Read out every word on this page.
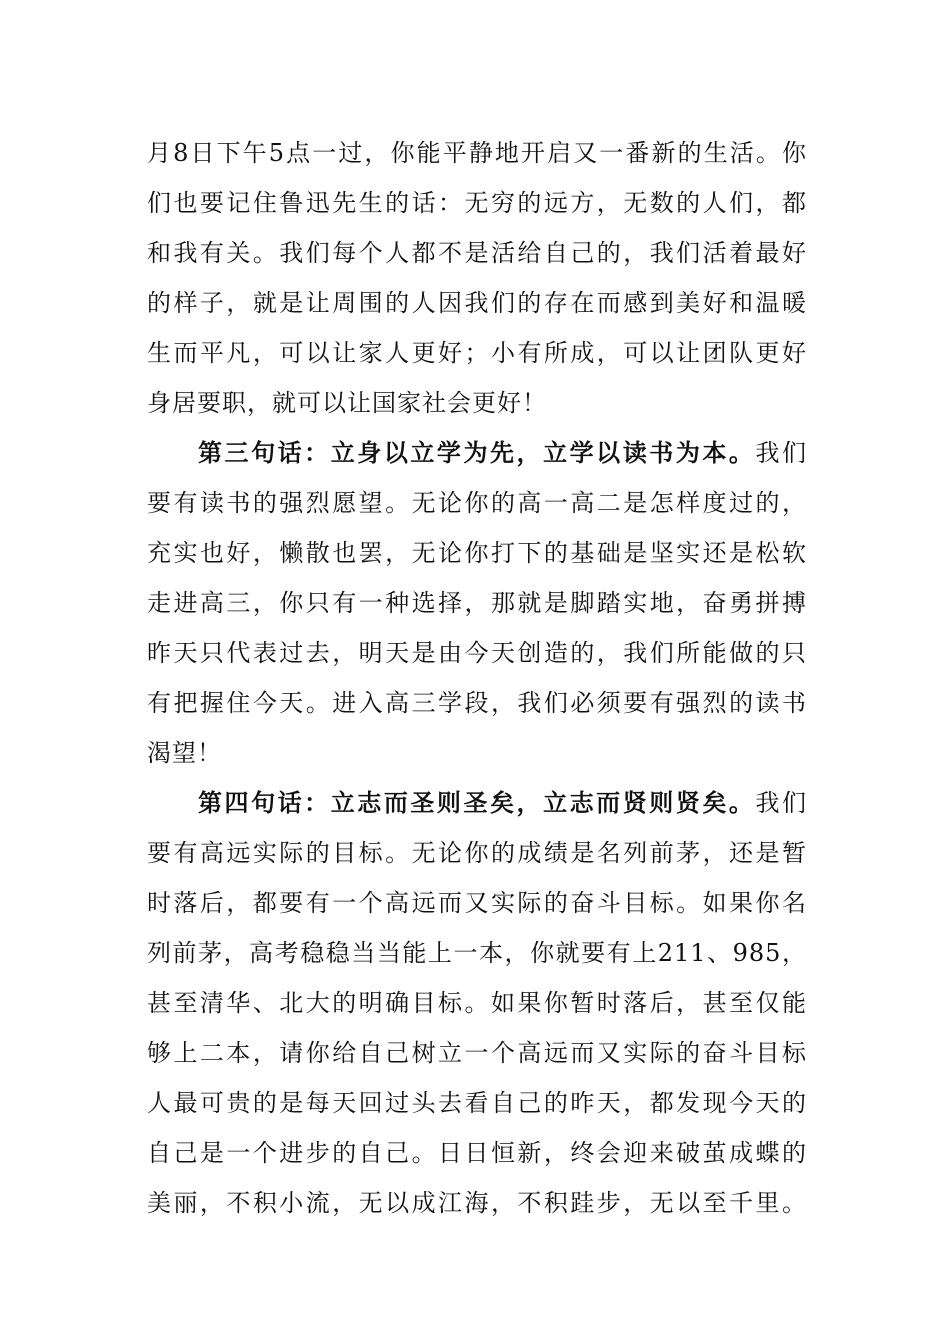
月8日下午5点一过，你能平静地开启又一番新的生活。你
们也要记住鲁迅先生的话：无穷的远方，无数的人们，都
和我有关。我们每个人都不是活给自己的，我们活着最好
的样子，就是让周围的人因我们的存在而感到美好和温暖
生而平凡，可以让家人更好；小有所成，可以让团队更好
身居要职，就可以让国家社会更好！
第三句话：立身以立学为先，立学以读书为本。我们
要有读书的强烈愿望。无论你的高一高二是怎样度过的，
充实也好，懒散也罢，无论你打下的基础是坚实还是松软
走进高三，你只有一种选择，那就是脚踏实地，奋勇拼搏
昨天只代表过去，明天是由今天创造的，我们所能做的只
有把握住今天。进入高三学段，我们必须要有强烈的读书
渴望！
第四句话：立志而圣则圣矣，立志而贤则贤矣。我们
要有高远实际的目标。无论你的成绩是名列前茅，还是暂
时落后，都要有一个高远而又实际的奋斗目标。如果你名
列前茅，高考稳稳当当能上一本，你就要有上211、985，
甚至清华、北大的明确目标。如果你暂时落后，甚至仅能
够上二本，请你给自己树立一个高远而又实际的奋斗目标
人最可贵的是每天回过头去看自己的昨天，都发现今天的
自己是一个进步的自己。日日恒新，终会迎来破茧成蝶的
美丽，不积小流，无以成江海，不积跬步，无以至千里。
